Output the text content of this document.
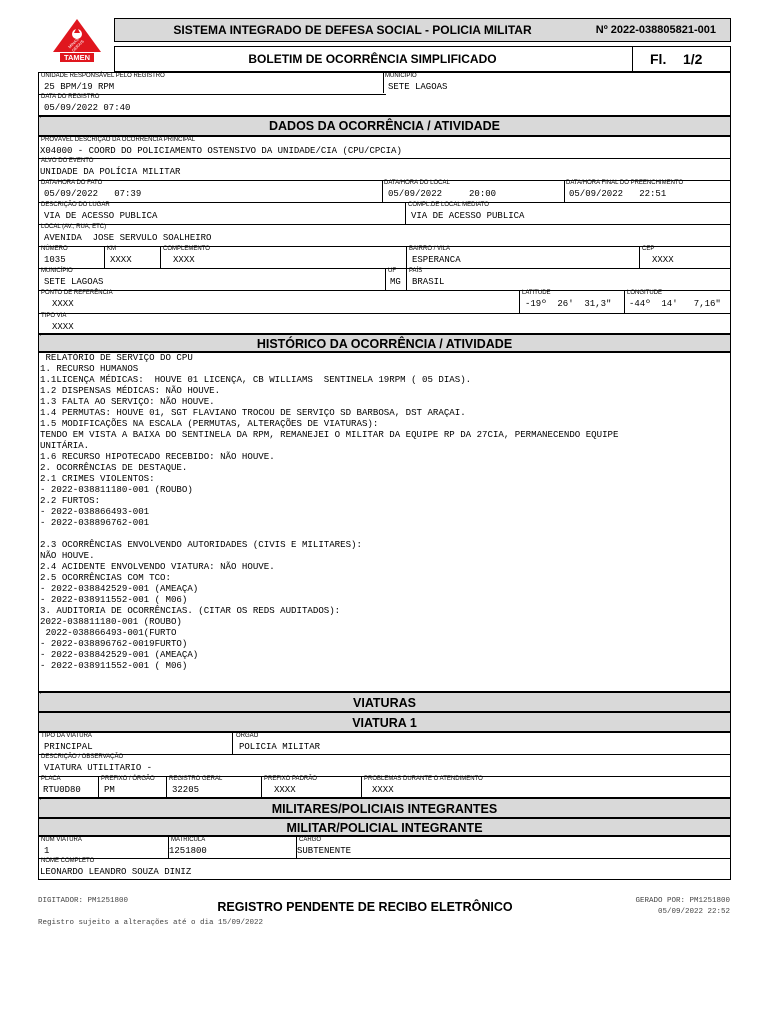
MINAS GERAIS
TAMEN
SISTEMA INTEGRADO DE DEFESA SOCIAL - POLICIA MILITAR	Nº 2022-038805821-001
BOLETIM DE OCORRÊNCIA SIMPLIFICADO	Fl. 1/2
UNIDADE RESPONSÁVEL PELO REGISTRO
25 BPM/19 RPM
MUNICÍPIO
SETE LAGOAS
DATA DO REGISTRO
05/09/2022 07:40
DADOS DA OCORRÊNCIA / ATIVIDADE
PROVÁVEL DESCRIÇÃO DA OCORRÊNCIA PRINCIPAL
X04000 - COORD DO POLICIAMENTO OSTENSIVO DA UNIDADE/CIA (CPU/CPCIA)
ALVO DO EVENTO
UNIDADE DA POLÍCIA MILITAR
DATA/HORA DO FATO
05/09/2022   07:39
DATA/HORA DO LOCAL
05/09/2022     20:00
DATA/HORA FINAL DO PREENCHIMENTO
05/09/2022   22:51
DESCRIÇÃO DO LUGAR
VIA DE ACESSO PUBLICA
COMPL.DE LOCAL MEDIATO
VIA DE ACESSO PUBLICA
LOCAL (AV., RUA, ETC)
AVENIDA  JOSE SERVULO SOALHEIRO
NÚMERO
1035
KM
XXXX
COMPLEMENTO
XXXX
BAIRRO / VILA
ESPERANCA
CEP
XXXX
MUNICÍPIO
SETE LAGOAS
UF
MG
PAÍS
BRASIL
PONTO DE REFERÊNCIA
XXXX
LATITUDE
-19º  26'  31,3"
LONGITUDE
-44º  14'   7,16"
TIPO VIA
XXXX
HISTÓRICO DA OCORRÊNCIA / ATIVIDADE
RELATÓRIO DE SERVIÇO DO CPU
1. RECURSO HUMANOS
1.1LICENÇA MÉDICAS:  HOUVE 01 LICENÇA, CB WILLIAMS  SENTINELA 19RPM ( 05 DIAS).
1.2 DISPENSAS MÉDICAS: NÃO HOUVE.
1.3 FALTA AO SERVIÇO: NÃO HOUVE.
1.4 PERMUTAS: HOUVE 01, SGT FLAVIANO TROCOU DE SERVIÇO SD BARBOSA, DST ARAÇAI.
1.5 MODIFICAÇÕES NA ESCALA (PERMUTAS, ALTERAÇÕES DE VIATURAS):
TENDO EM VISTA A BAIXA DO SENTINELA DA RPM, REMANEJEI O MILITAR DA EQUIPE RP DA 27CIA, PERMANECENDO EQUIPE
UNITÁRIA.
1.6 RECURSO HIPOTECADO RECEBIDO: NÃO HOUVE.
2. OCORRÊNCIAS DE DESTAQUE.
2.1 CRIMES VIOLENTOS:
- 2022-038811180-001 (ROUBO)
2.2 FURTOS:
- 2022-038866493-001
- 2022-038896762-001

2.3 OCORRÊNCIAS ENVOLVENDO AUTORIDADES (CIVIS E MILITARES):
NÃO HOUVE.
2.4 ACIDENTE ENVOLVENDO VIATURA: NÃO HOUVE.
2.5 OCORRÊNCIAS COM TCO:
- 2022-038842529-001 (AMEAÇA)
- 2022-038911552-001 ( M06)
3. AUDITORIA DE OCORRÊNCIAS. (CITAR OS REDS AUDITADOS):
2022-038811180-001 (ROUBO)
2022-038866493-001(FURTO
- 2022-038896762-0019FURTO)
- 2022-038842529-001 (AMEAÇA)
- 2022-038911552-001 ( M06)
VIATURAS
VIATURA 1
TIPO DA VIATURA
PRINCIPAL
ÓRGÃO
POLICIA MILITAR
DESCRIÇÃO / OBSERVAÇÃO
VIATURA UTILITARIO -
PLACA
RTU0D80
PREFIXO / ÓRGÃO
PM
REGISTRO GERAL
32205
PREFIXO PADRÃO
XXXX
PROBLEMAS DURANTE O ATENDIMENTO
XXXX
MILITARES/POLICIAIS INTEGRANTES
MILITAR/POLICIAL INTEGRANTE
NUM VIATURA
1
MATRÍCULA
1251800
CARGO
SUBTENENTE
NOME COMPLETO
LEONARDO LEANDRO SOUZA DINIZ
'
'
'
'
DIGITADOR: PM1251800	REGISTRO PENDENTE DE RECIBO ELETRÔNICO
Registro sujeito a alterações até o dia 15/09/2022
GERADO POR: PM1251800
05/09/2022 22:52
